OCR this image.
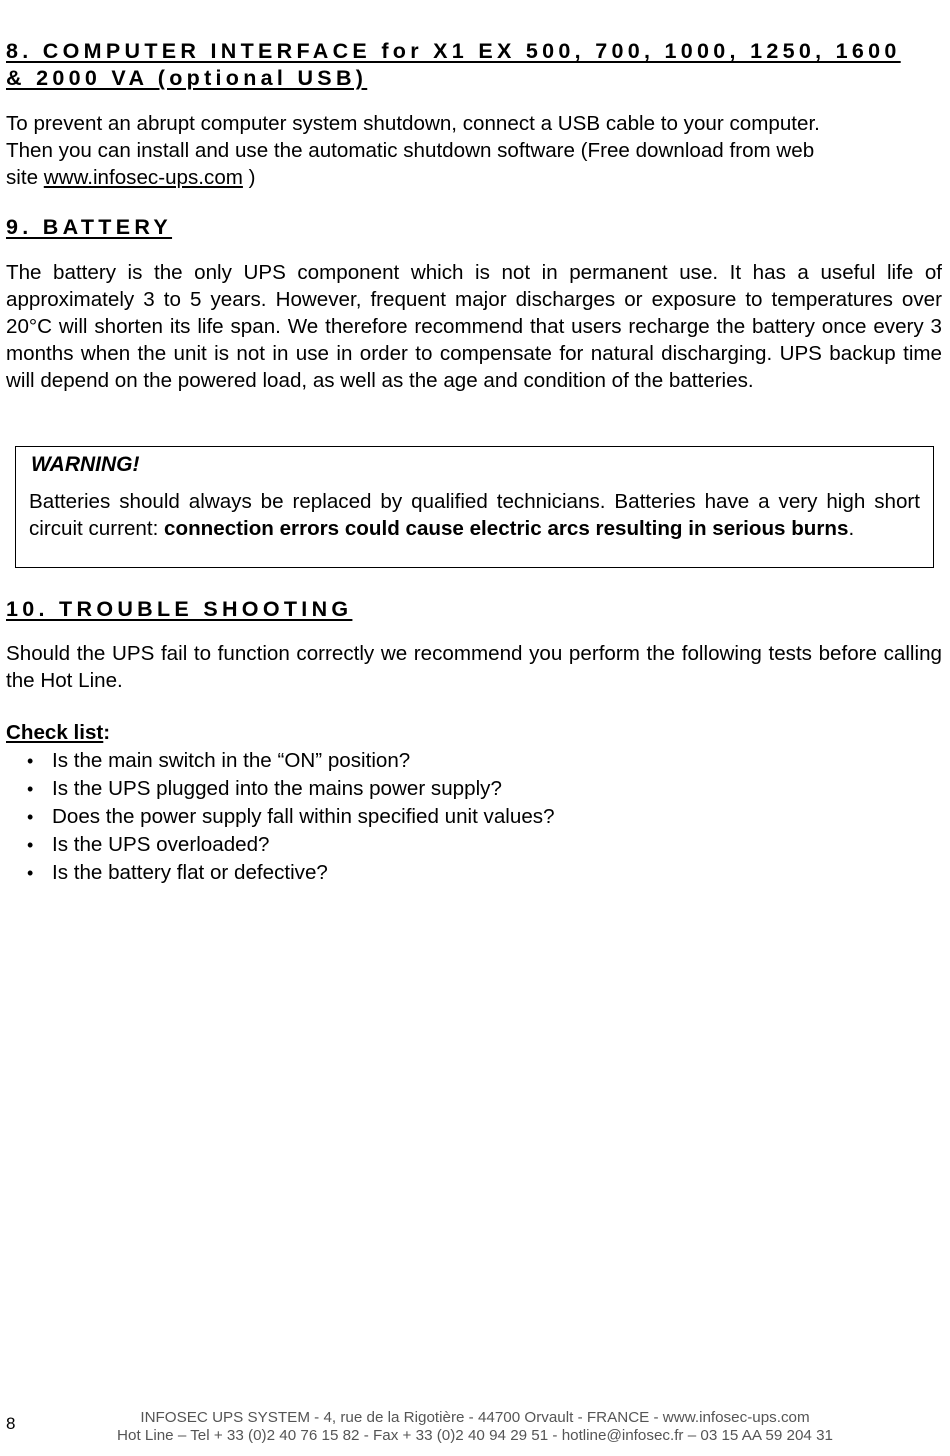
8. COMPUTER INTERFACE for X1 EX 500, 700, 1000, 1250, 1600
& 2000 VA (optional USB)

To prevent an abrupt computer system shutdown, connect a USB cable to your computer.
Then you can install and use the automatic shutdown software (Free download from web
site www.infosec-ups.com )

9. BATTERY

The battery is the only UPS component which is not in permanent use. It has a useful life of approximately 3 to 5 years. However, frequent major discharges or exposure to temperatures over 20°C will shorten its life span. We therefore recommend that users recharge the battery once every 3 months when the unit is not in use in order to compensate for natural discharging. UPS backup time will depend on the powered load, as well as the age and condition of the batteries.

WARNING!

Batteries should always be replaced by qualified technicians. Batteries have a very high short circuit current: connection errors could cause electric arcs resulting in serious burns.

10. TROUBLE SHOOTING

Should the UPS fail to function correctly we recommend you perform the following tests before calling the Hot Line.

Check list:

• Is the main switch in the “ON” position?
• Is the UPS plugged into the mains power supply?
• Does the power supply fall within specified unit values?
• Is the UPS overloaded?
• Is the battery flat or defective?

8	INFOSEC UPS SYSTEM - 4, rue de la Rigotière - 44700 Orvault - FRANCE - www.infosec-ups.com

Hot Line – Tel + 33 (0)2 40 76 15 82 - Fax + 33 (0)2 40 94 29 51 - hotline@infosec.fr – 03 15 AA 59 204 31
